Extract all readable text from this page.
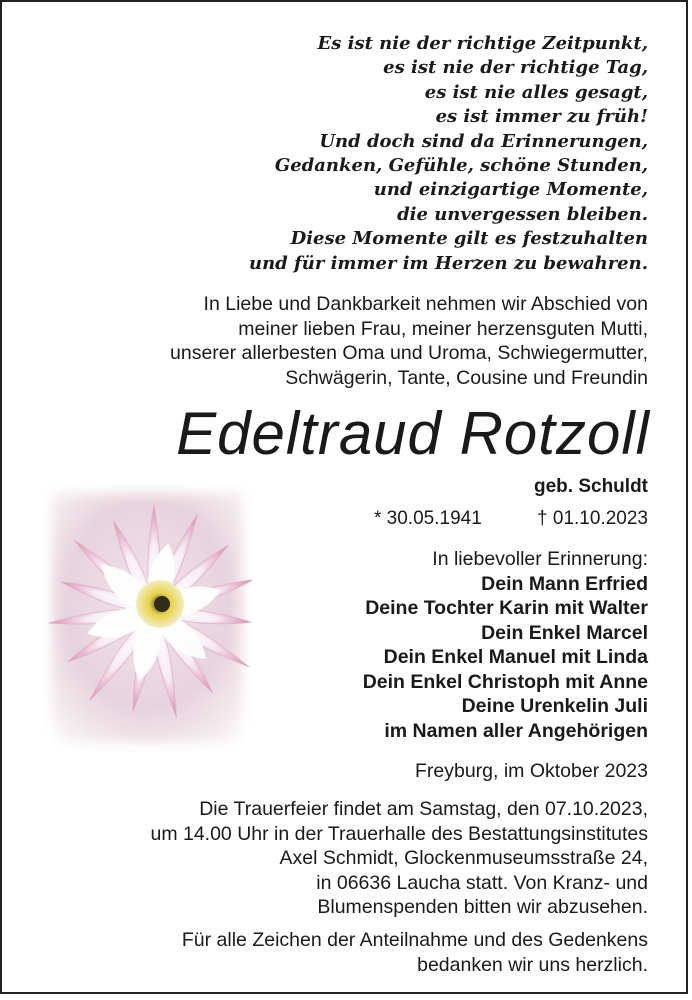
Es ist nie der richtige Zeitpunkt,
es ist nie der richtige Tag,
es ist nie alles gesagt,
es ist immer zu früh!
Und doch sind da Erinnerungen,
Gedanken, Gefühle, schöne Stunden,
und einzigartige Momente,
die unvergessen bleiben.
Diese Momente gilt es festzuhalten
und für immer im Herzen zu bewahren.
In Liebe und Dankbarkeit nehmen wir Abschied von
meiner lieben Frau, meiner herzensguten Mutti,
unserer allerbesten Oma und Uroma, Schwiegermutter,
Schwägerin, Tante, Cousine und Freundin
Edeltraud Rotzoll
geb. Schuldt
* 30.05.1941	† 01.10.2023
In liebevoller Erinnerung:
Dein Mann Erfried
Deine Tochter Karin mit Walter
Dein Enkel Marcel
Dein Enkel Manuel mit Linda
Dein Enkel Christoph mit Anne
Deine Urenkelin Juli
im Namen aller Angehörigen
Freyburg, im Oktober 2023
Die Trauerfeier findet am Samstag, den 07.10.2023,
um 14.00 Uhr in der Trauerhalle des Bestattungsinstitutes
Axel Schmidt, Glockenmuseumsstraße 24,
in 06636 Laucha statt. Von Kranz- und
Blumenspenden bitten wir abzusehen.
Für alle Zeichen der Anteilnahme und des Gedenkens
bedanken wir uns herzlich.
